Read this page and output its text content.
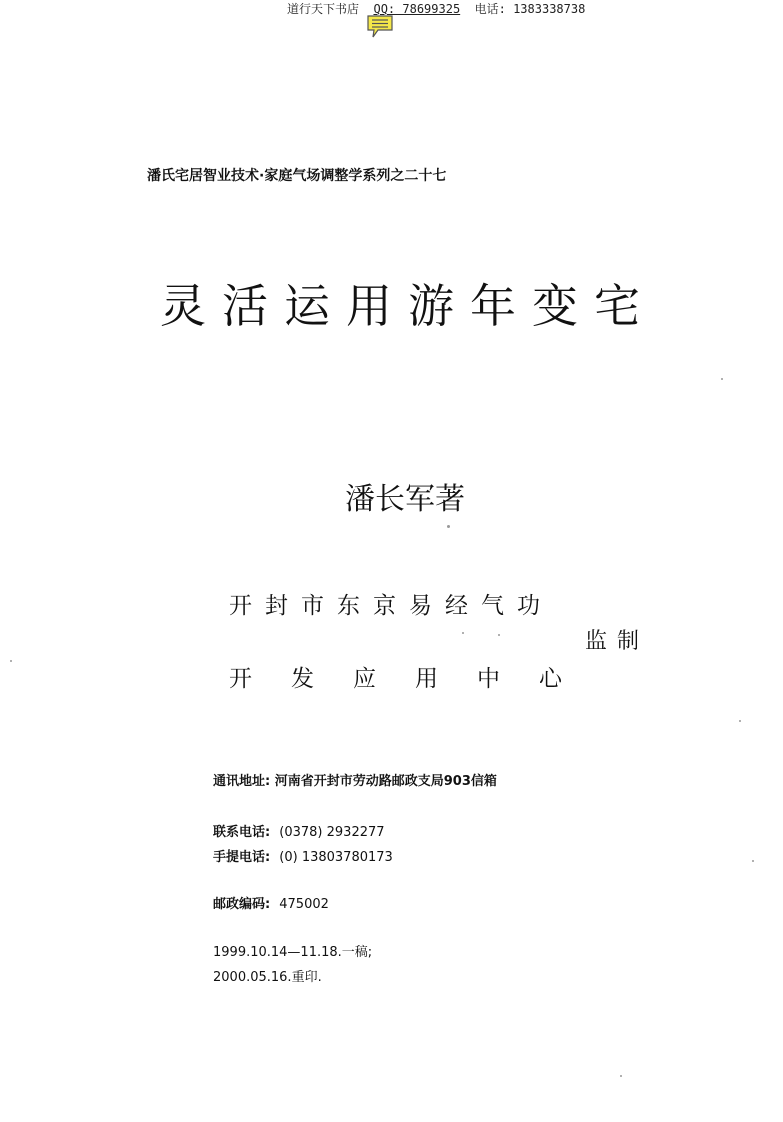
道行天下书店 QQ: 78699325 电话: 1383338738
潘氏宅居智业技术·家庭气场调整学系列之二十七
灵活运用游年变宅
潘长军著
开封市东京易经气功
监制
开 发 应 用 中 心
通讯地址: 河南省开封市劳动路邮政支局903信箱
联系电话: (0378) 2932277
手提电话: (0) 13803780173
邮政编码: 475002
1999.10.14—11.18.一稿;
2000.05.16.重印.
